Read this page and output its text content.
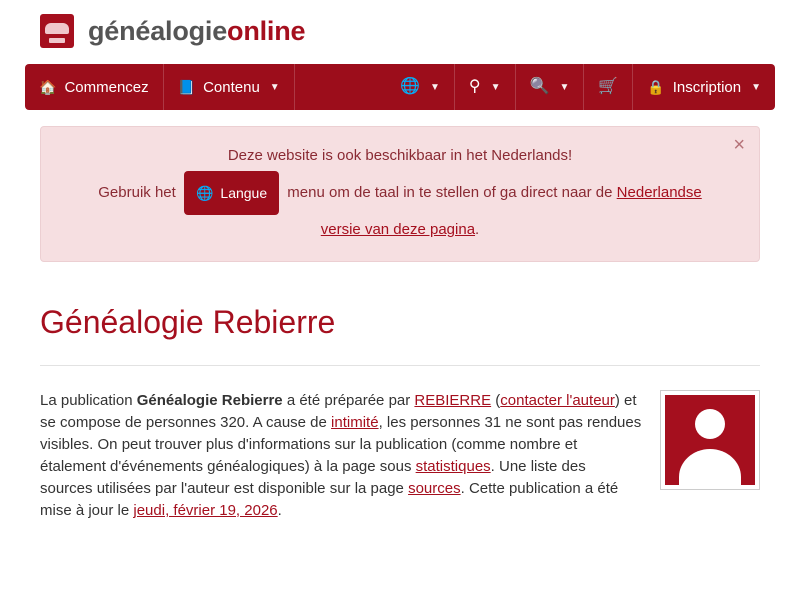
généalogieonline
🏠 Commencez 📘 Contenu ▼	🌐 ▼ ⚲ ▼ 🔍 ▼ 🛒 🔒 Inscription ▼
×
Deze website is ook beschikbaar in het Nederlands!
Gebruik het 🌐 Langue menu om de taal in te stellen of ga direct naar de Nederlandse versie van deze pagina.
Généalogie Rebierre

La publication Généalogie Rebierre a été préparée par REBIERRE (contacter l'auteur) et se compose de personnes 320. A cause de intimité, les personnes 31 ne sont pas rendues visibles. On peut trouver plus d'informations sur la publication (comme nombre et étalement d'événements généalogiques) à la page sous statistiques. Une liste des sources utilisées par l'auteur est disponible sur la page sources. Cette publication a été mise à jour le jeudi, février 19, 2026.
